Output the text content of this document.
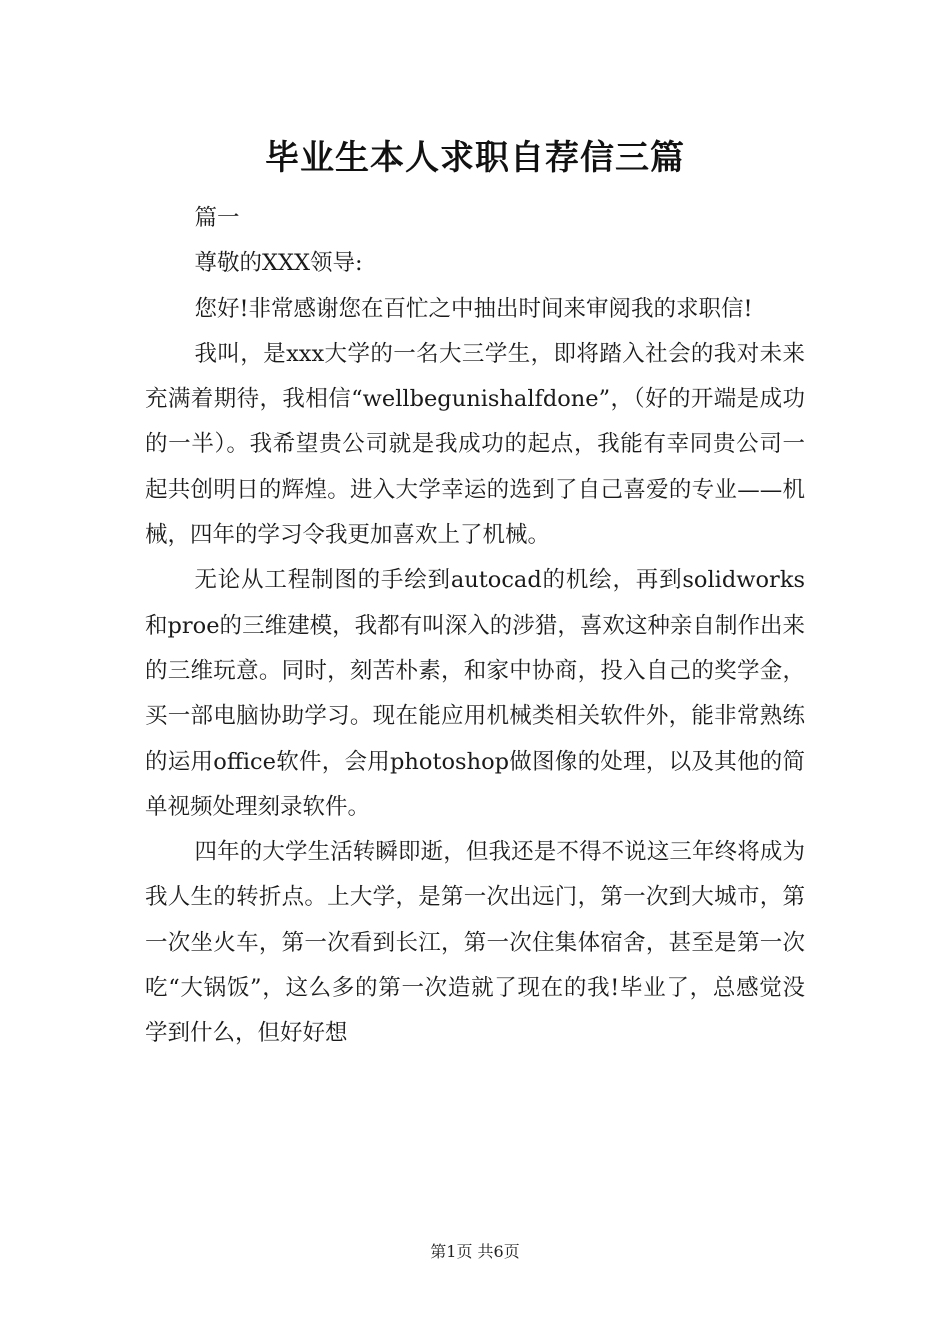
毕业生本人求职自荐信三篇

篇一

尊敬的XXX领导:

您好!非常感谢您在百忙之中抽出时间来审阅我的求职信!

我叫，是xxx大学的一名大三学生，即将踏入社会的我对未来充满着期待，我相信“wellbegunishalfdone”，（好的开端是成功的一半）。我希望贵公司就是我成功的起点，我能有幸同贵公司一起共创明日的辉煌。进入大学幸运的选到了自己喜爱的专业——机械，四年的学习令我更加喜欢上了机械。

无论从工程制图的手绘到autocad的机绘，再到solidworks和proe的三维建模，我都有叫深入的涉猎，喜欢这种亲自制作出来的三维玩意。同时，刻苦朴素，和家中协商，投入自己的奖学金，买一部电脑协助学习。现在能应用机械类相关软件外，能非常熟练的运用office软件，会用photoshop做图像的处理，以及其他的简单视频处理刻录软件。

四年的大学生活转瞬即逝，但我还是不得不说这三年终将成为我人生的转折点。上大学，是第一次出远门，第一次到大城市，第一次坐火车，第一次看到长江，第一次住集体宿舍，甚至是第一次吃“大锅饭”，这么多的第一次造就了现在的我!毕业了，总感觉没学到什么，但好好想

第1页 共6页
